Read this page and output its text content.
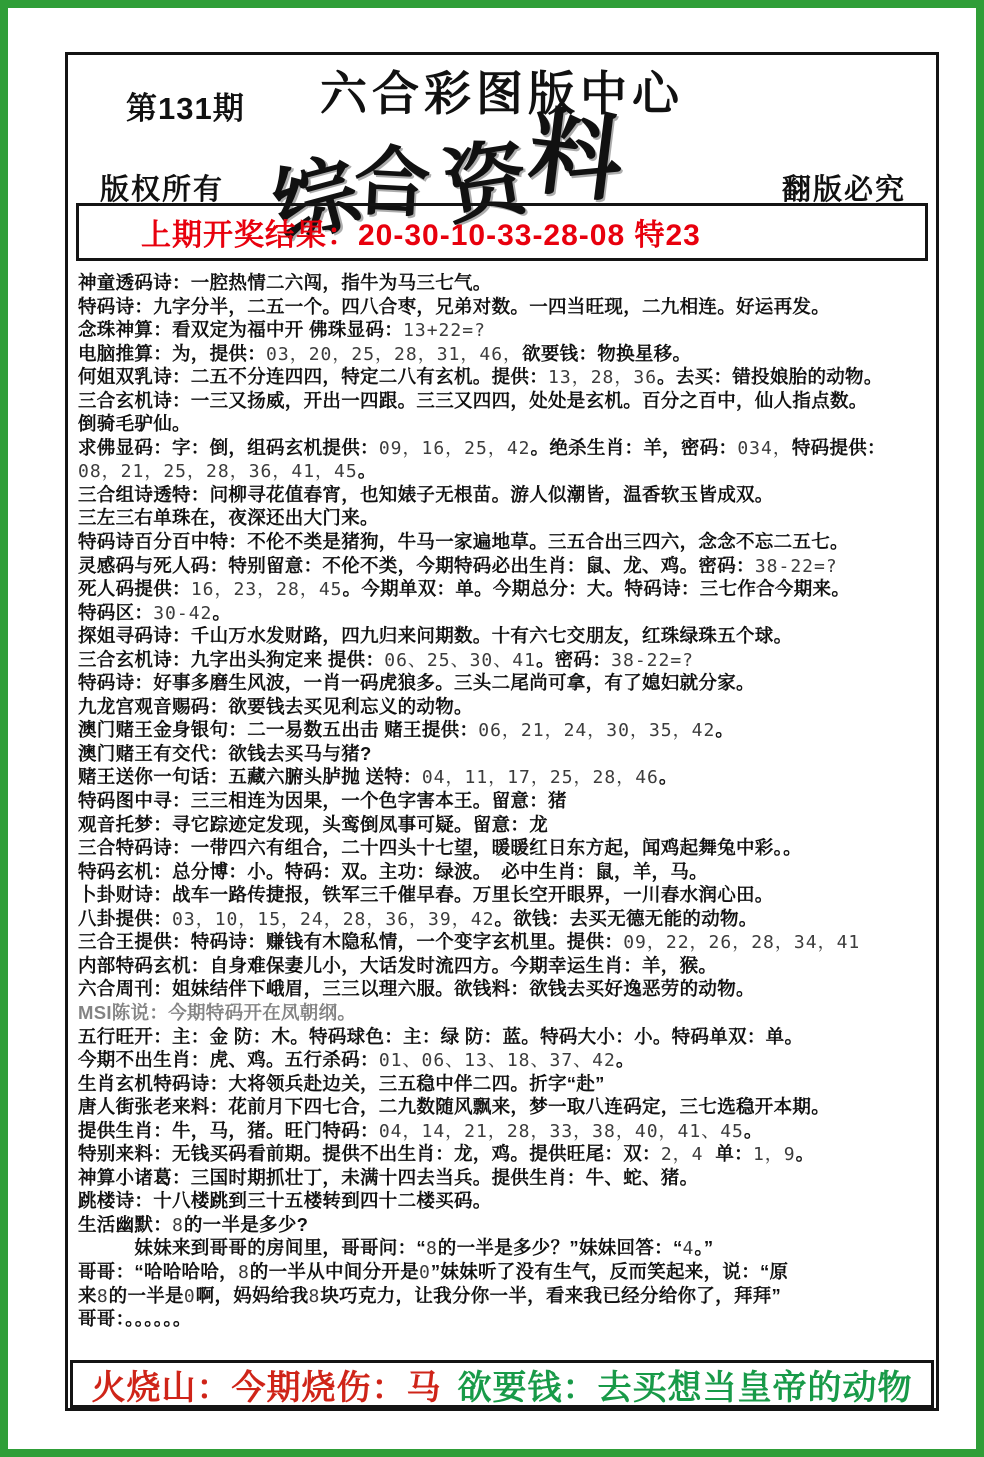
第131期	六合彩图版中心
综合资料
版权所有	翻版必究
上期开奖结果：20-30-10-33-28-08 特23
神童透码诗：一腔热情二六闯，指牛为马三七气。
特码诗：九字分半，二五一个。四八合枣，兄弟对数。一四当旺现，二九相连。好运再发。
念珠神算：看双定为福中开 佛珠显码：13+22=?
电脑推算：为，提供：03，20，25，28，31，46，欲要钱：物换星移。
何姐双乳诗：二五不分连四四，特定二八有玄机。提供：13，28，36。去买：错投娘胎的动物。
三合玄机诗：一三又扬威，开出一四跟。三三又四四，处处是玄机。百分之百中，仙人指点数。
倒骑毛驴仙。
求佛显码：字：倒，组码玄机提供：09，16，25，42。绝杀生肖：羊，密码：034，特码提供：
08，21，25，28，36，41，45。
三合组诗透特：问柳寻花值春宵，也知婊子无根苗。游人似潮皆，温香软玉皆成双。
三左三右单珠在，夜深还出大门来。
特码诗百分百中特：不伦不类是猪狗，牛马一家遍地草。三五合出三四六，念念不忘二五七。
灵感码与死人码：特别留意：不伦不类，今期特码必出生肖：鼠、龙、鸡。密码：38-22=?
死人码提供：16，23，28，45。今期单双：单。今期总分：大。特码诗：三七作合今期来。
特码区：30-42。
探姐寻码诗：千山万水发财路，四九归来问期数。十有六七交朋友，红珠绿珠五个球。
三合玄机诗：九字出头狗定来 提供：06、25、30、41。密码：38-22=?
特码诗：好事多磨生风波，一肖一码虎狼多。三头二尾尚可拿，有了媳妇就分家。
九龙宫观音赐码：欲要钱去买见利忘义的动物。
澳门赌王金身银句：二一易数五出击 赌王提供：06，21，24，30，35，42。
澳门赌王有交代：欲钱去买马与猪?
赌王送你一句话：五藏六腑头胪抛 送特：04，11，17，25，28，46。
特码图中寻：三三相连为因果，一个色字害本王。留意：猪
观音托梦：寻它踪迹定发现，头鸾倒凤事可疑。留意：龙
三合特码诗：一带四六有组合，二十四头十七望，暖暖红日东方起，闻鸡起舞兔中彩。。
特码玄机：总分博：小。特码：双。主功：绿波。　必中生肖：鼠，羊，马。
卜卦财诗：战车一路传捷报，铁军三千催早春。万里长空开眼界，一川春水润心田。
八卦提供：03，10，15，24，28，36，39，42。欲钱：去买无德无能的动物。
三合王提供：特码诗：赚钱有木隐私情，一个变字玄机里。提供：09，22，26，28，34，41
内部特码玄机：自身难保妻儿小，大话发时流四方。今期幸运生肖：羊，猴。
六合周刊：姐妹结伴下峨眉，三三以理六服。欲钱料：欲钱去买好逸恶劳的动物。
MSI陈说：今期特码开在凤朝纲。
五行旺开：主：金 防：木。特码球色：主：绿 防：蓝。特码大小：小。特码单双：单。
今期不出生肖：虎、鸡。五行杀码：01、06、13、18、37、42。
生肖玄机特码诗：大将领兵赴边关，三五稳中伴二四。折字“赴”
唐人街张老来料：花前月下四七合，二九数随风飘来，梦一取八连码定，三七选稳开本期。
提供生肖：牛，马，猪。旺门特码：04，14，21，28，33，38，40，41、45。
特别来料：无钱买码看前期。提供不出生肖：龙，鸡。提供旺尾：双：2，4 单：1，9。
神算小诸葛：三国时期抓壮丁，未满十四去当兵。提供生肖：牛、蛇、猪。
跳楼诗：十八楼跳到三十五楼转到四十二楼买码。
生活幽默：8的一半是多少?
　　　妹妹来到哥哥的房间里，哥哥问：“8的一半是多少？”妹妹回答：“4。”
哥哥：“哈哈哈哈，8的一半从中间分开是0”妹妹听了没有生气，反而笑起来，说：“原
来8的一半是0啊，妈妈给我8块巧克力，让我分你一半，看来我已经分给你了，拜拜”
哥哥：。。。。。。
火烧山：今期烧伤：马 欲要钱：去买想当皇帝的动物
